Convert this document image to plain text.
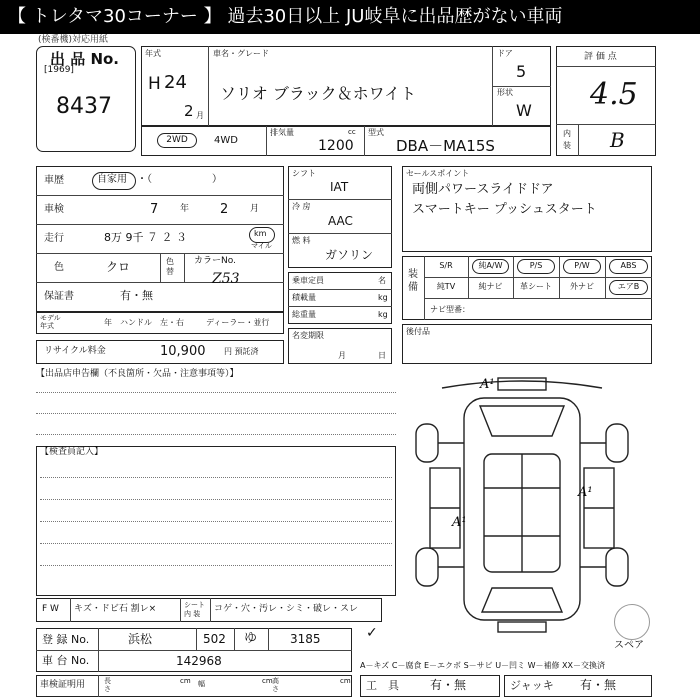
【 トレタマ30コーナー 】 過去30日以上 JU岐阜に出品歴がない車両
(検番機)対応用紙
出 品 No.
[1969]
8437
年式
H 24
2 月
車名・グレード
ソリオ ブラック＆ホワイト
ドア
5
形状
W
評 価 点
4.5
内装 B
2WD	4WD
排気量	cc
1200
型式
DBA－MA15S
車歴	自家用 ・（　　　　　　）
車検	7 年 2 月
走行	8万 9千 ７ ２ ３	km
マイル
色	クロ	色替
カラーNo.
Z53
保証書	有・無
モデル年式	年 ハンドル　左・右	ディーラー・並行
リサイクル料金	10,900 円 預託済
シフト
IAT
冷 房
AAC
燃 料
ガソリン
乗車定員	名
積載量	kg
総重量	kg
名変期限
月	日
セールスポイント
両側パワースライドドア
スマートキー プッシュスタート
装備
S/R	純A/W	P/S	P/W	ABS
純TV	純ナビ	革シート	外ナビ	エアB
ナビ型番：
後付品
【出品店申告欄（不良箇所・欠品・注意事項等）】
【検査員記入】
A¹
A¹
A¹
スペア
F W キズ・ドビ石 割レ×	シート内 装	コゲ・穴・汚レ・シミ・破レ・スレ
登 録 No.	浜松	502 ゆ	3185
車 台 No.	142968
✓
A－キズ C－腐食 E－エクボ S－サビ U－凹ミ W－補修 XX－交換済
車検証明用	長さ
cm 幅	cm 高さ
cm 工　具	有・無	ジャッキ 有・無
